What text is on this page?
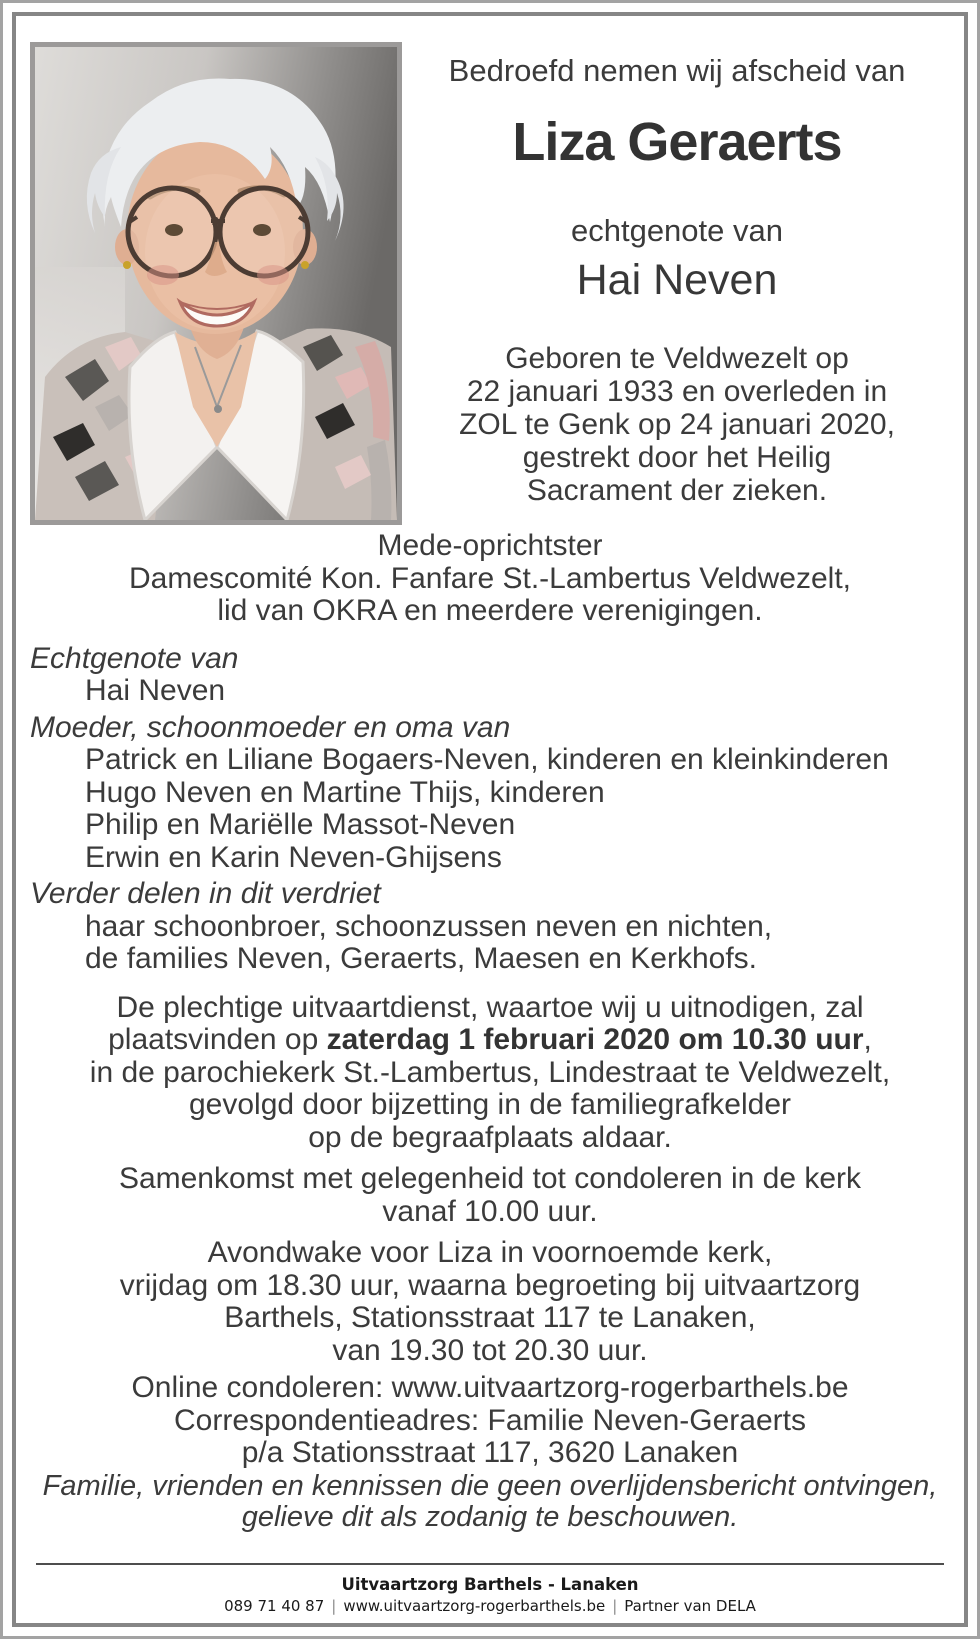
Bedroefd nemen wij afscheid van
Liza Geraerts
echtgenote van
Hai Neven
Geboren te Veldwezelt op
22 januari 1933 en overleden in
ZOL te Genk op 24 januari 2020,
gestrekt door het Heilig
Sacrament der zieken.
Mede-oprichtster
Damescomité Kon. Fanfare St.-Lambertus Veldwezelt,
lid van OKRA en meerdere verenigingen.
Echtgenote van
Hai Neven
Moeder, schoonmoeder en oma van
Patrick en Liliane Bogaers-Neven, kinderen en kleinkinderen
Hugo Neven en Martine Thijs, kinderen
Philip en Mariëlle Massot-Neven
Erwin en Karin Neven-Ghijsens
Verder delen in dit verdriet
haar schoonbroer, schoonzussen neven en nichten,
de families Neven, Geraerts, Maesen en Kerkhofs.
De plechtige uitvaartdienst, waartoe wij u uitnodigen, zal
plaatsvinden op zaterdag 1 februari 2020 om 10.30 uur,
in de parochiekerk St.-Lambertus, Lindestraat te Veldwezelt,
gevolgd door bijzetting in de familiegrafkelder
op de begraafplaats aldaar.
Samenkomst met gelegenheid tot condoleren in de kerk
vanaf 10.00 uur.
Avondwake voor Liza in voornoemde kerk,
vrijdag om 18.30 uur, waarna begroeting bij uitvaartzorg
Barthels, Stationsstraat 117 te Lanaken,
van 19.30 tot 20.30 uur.
Online condoleren: www.uitvaartzorg-rogerbarthels.be
Correspondentieadres: Familie Neven-Geraerts
p/a Stationsstraat 117, 3620 Lanaken
Familie, vrienden en kennissen die geen overlijdensbericht ontvingen,
gelieve dit als zodanig te beschouwen.
Uitvaartzorg Barthels - Lanaken
089 71 40 87 | www.uitvaartzorg-rogerbarthels.be | Partner van DELA
